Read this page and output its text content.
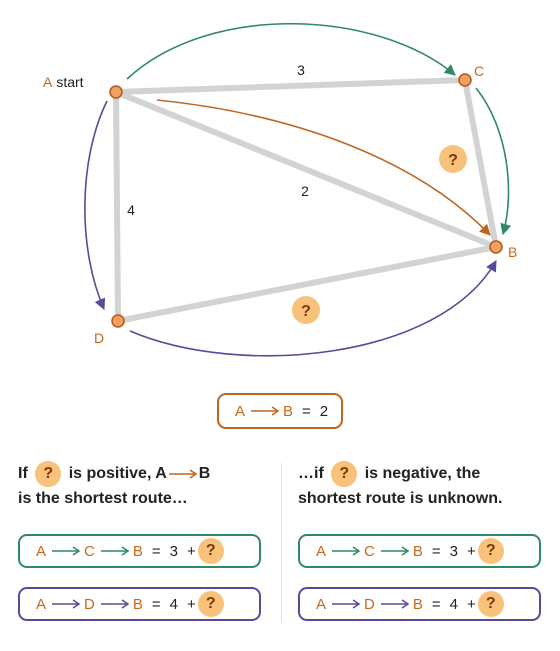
A start
C
B
D
3
2
4
?
?
A	B = 2
If ? is positive, A B
is the shortest route…
…if ? is negative, the
shortest route is unknown.
A	C	B = 3 + ?
A	D	B = 4 + ?
A	C	B = 3 + ?
A	D	B = 4 + ?
